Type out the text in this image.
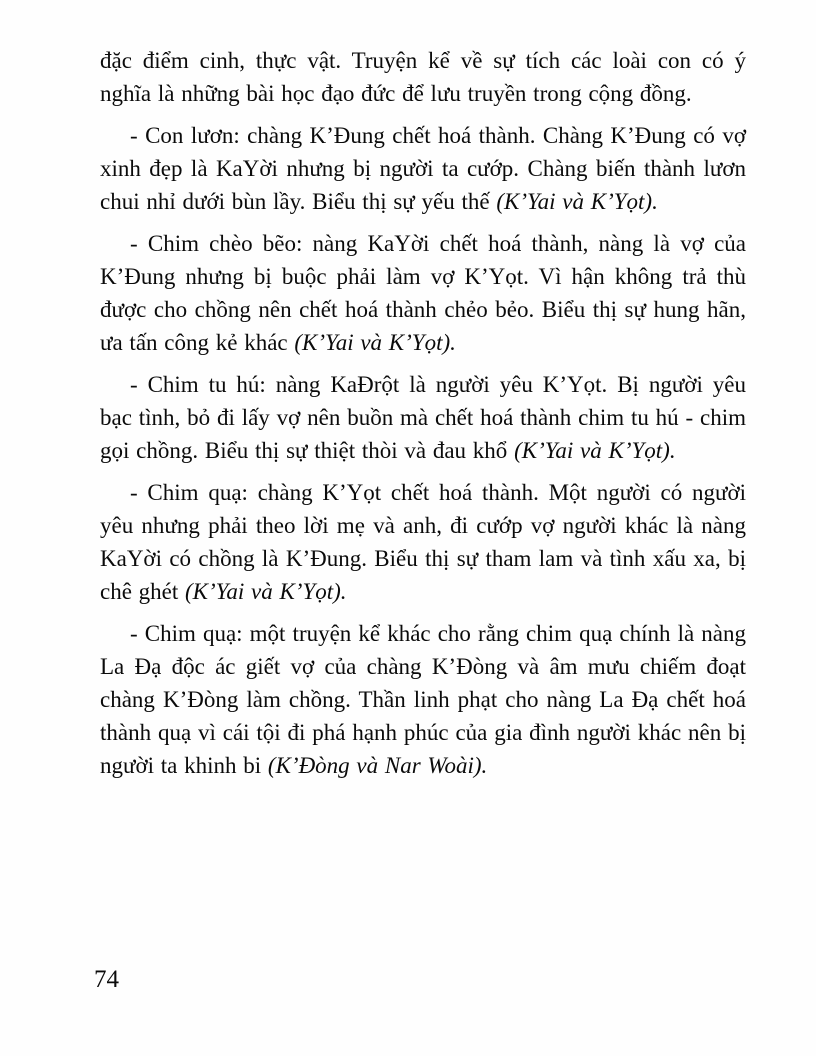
đặc điểm cinh, thực vật. Truyện kể về sự tích các loài con có ý nghĩa là những bài học đạo đức để lưu truyền trong cộng đồng.

- Con lươn: chàng K’Đung chết hoá thành. Chàng K’Đung có vợ xinh đẹp là KaYời nhưng bị người ta cướp. Chàng biến thành lươn chui nhỉ dưới bùn lầy. Biểu thị sự yếu thế (K’Yai và K’Yọt).

- Chim chèo bẽo: nàng KaYời chết hoá thành, nàng là vợ của K’Đung nhưng bị buộc phải làm vợ K’Yọt. Vì hận không trả thù được cho chồng nên chết hoá thành chẻo bẻo. Biểu thị sự hung hãn, ưa tấn công kẻ khác (K’Yai và K’Yọt).

- Chim tu hú: nàng KaĐrột là người yêu K’Yọt. Bị người yêu bạc tình, bỏ đi lấy vợ nên buồn mà chết hoá thành chim tu hú - chim gọi chồng. Biểu thị sự thiệt thòi và đau khổ (K’Yai và K’Yọt).

- Chim quạ: chàng K’Yọt chết hoá thành. Một người có người yêu nhưng phải theo lời mẹ và anh, đi cướp vợ người khác là nàng KaYời có chồng là K’Đung. Biểu thị sự tham lam và tình xấu xa, bị chê ghét (K’Yai và K’Yọt).

- Chim quạ: một truyện kể khác cho rằng chim quạ chính là nàng La Đạ độc ác giết vợ của chàng K’Đòng và âm mưu chiếm đoạt chàng K’Đòng làm chồng. Thần linh phạt cho nàng La Đạ chết hoá thành quạ vì cái tội đi phá hạnh phúc của gia đình người khác nên bị người ta khinh bi (K’Đòng và Nar Woài).

74
